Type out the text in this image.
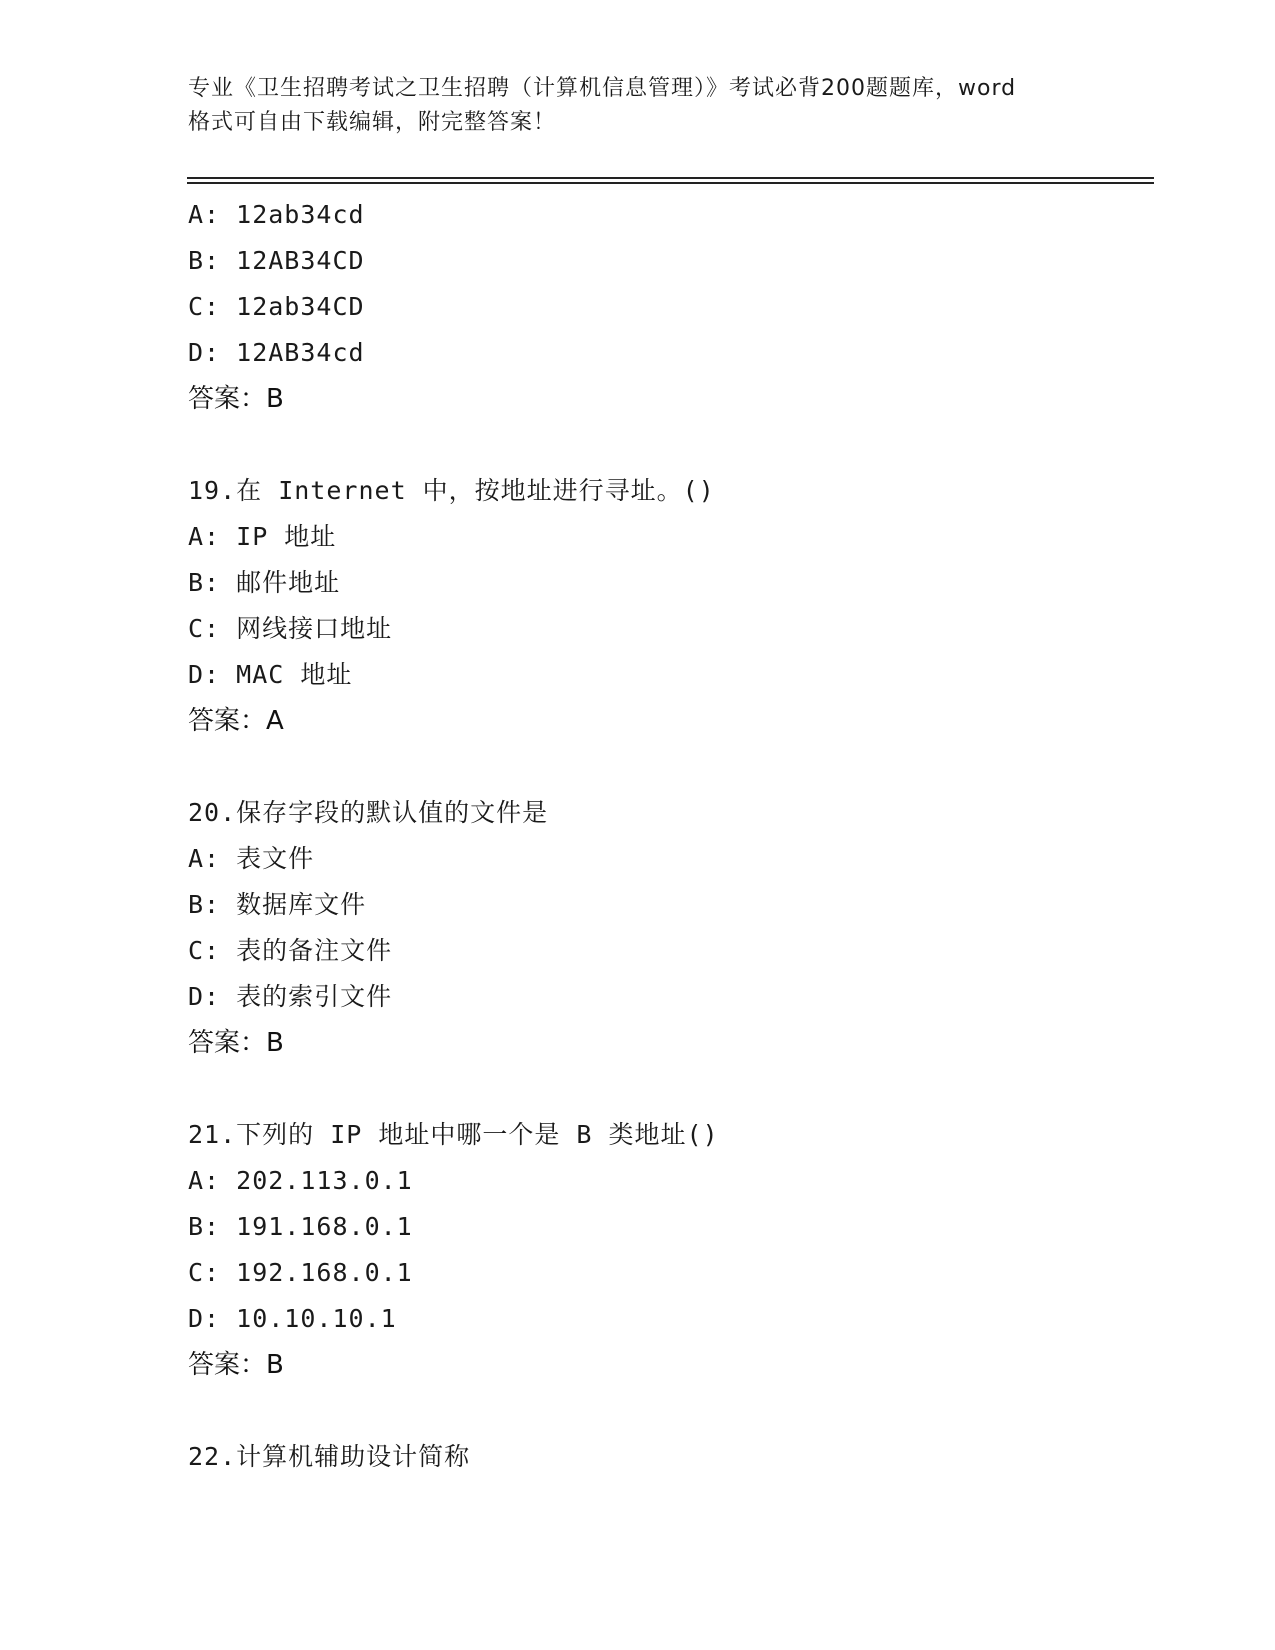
专业《卫生招聘考试之卫生招聘（计算机信息管理）》考试必背200题题库，word
格式可自由下载编辑，附完整答案！
A: 12ab34cd
B: 12AB34CD
C: 12ab34CD
D: 12AB34cd
答案：B
19.在 Internet 中，按地址进行寻址。()
A: IP 地址
B: 邮件地址
C: 网线接口地址
D: MAC 地址
答案：A
20.保存字段的默认值的文件是
A: 表文件
B: 数据库文件
C: 表的备注文件
D: 表的索引文件
答案：B
21.下列的 IP 地址中哪一个是 B 类地址()
A: 202.113.0.1
B: 191.168.0.1
C: 192.168.0.1
D: 10.10.10.1
答案：B
22.计算机辅助设计简称
